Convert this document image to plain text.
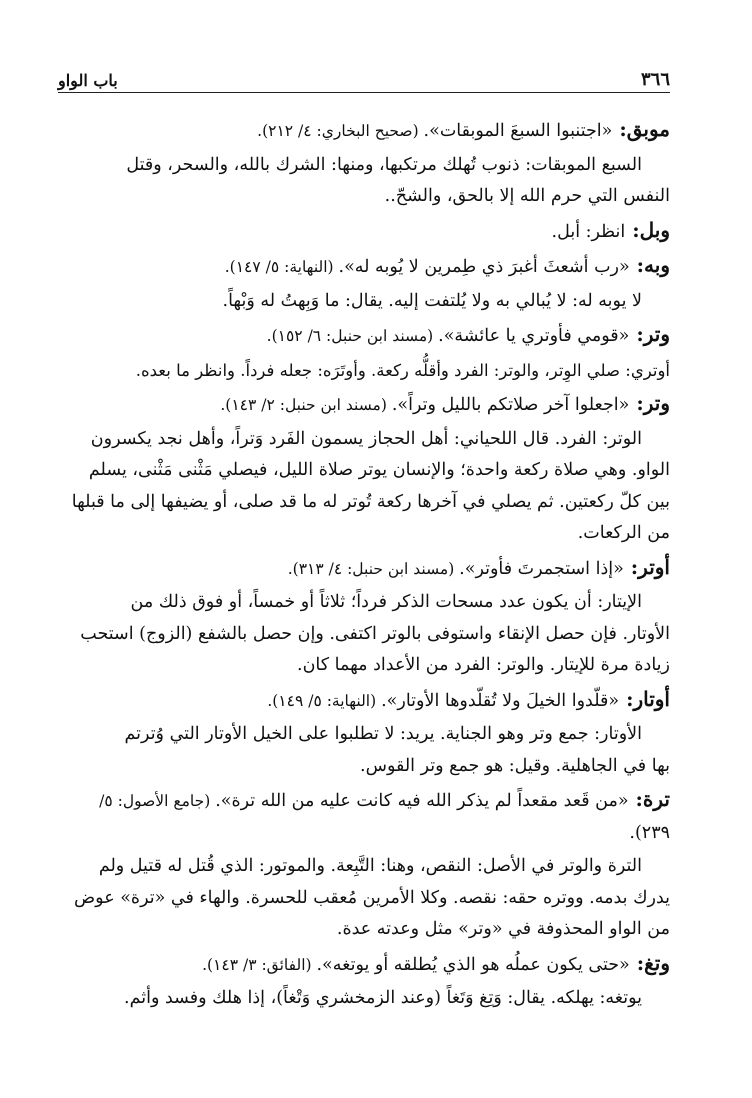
باب الواو	٣٦٦
موبق: «اجتنبوا السبعَ الموبقات». (صحيح البخاري: ٤/ ٢١٢).
السبع الموبقات: ذنوب تُهلك مرتكبها، ومنها: الشرك بالله، والسحر، وقتل
النفس التي حرم الله إلا بالحق، والشحّ..
وبل: انظر: أبل.
وبه: «رب أشعثَ أغبرَ ذي طِمرين لا يُوبه له». (النهاية: ٥/ ١٤٧).
لا يوبه له: لا يُبالي به ولا يُلتفت إليه. يقال: ما وَبِهتُ له وَبْهاً.
وتر: «قومي فأوتري يا عائشة». (مسند ابن حنبل: ٦/ ١٥٢).
أوتري: صلي الوِتر، والوتر: الفرد وأقلُّه ركعة. وأوتَرَه: جعله فرداً. وانظر ما بعده.
وتر: «اجعلوا آخر صلاتكم بالليل وتراً». (مسند ابن حنبل: ٢/ ١٤٣).
الوتر: الفرد. قال اللحياني: أهل الحجاز يسمون الفَرد وَتراً، وأهل نجد يكسرون
الواو. وهي صلاة ركعة واحدة؛ والإنسان يوتر صلاة الليل، فيصلي مَثْنى مَثْنى، يسلم
بين كلّ ركعتين. ثم يصلي في آخرها ركعة تُوتر له ما قد صلى، أو يضيفها إلى ما قبلها
من الركعات.
أوتر: «إذا استجمرتَ فأوتر». (مسند ابن حنبل: ٤/ ٣١٣).
الإيتار: أن يكون عدد مسحات الذكر فرداً؛ ثلاثاً أو خمساً، أو فوق ذلك من
الأوتار. فإن حصل الإنقاء واستوفى بالوتر اكتفى. وإن حصل بالشفع (الزوج) استحب
زيادة مرة للإيتار. والوتر: الفرد من الأعداد مهما كان.
أوتار: «قلّدوا الخيلَ ولا تُقلّدوها الأوتار». (النهاية: ٥/ ١٤٩).
الأوتار: جمع وتر وهو الجناية. يريد: لا تطلبوا على الخيل الأوتار التي وُترتم
بها في الجاهلية. وقيل: هو جمع وتر القوس.
ترة: «من قَعد مقعداً لم يذكر الله فيه كانت عليه من الله ترة». (جامع الأصول: ٥/
٢٣٩).
الترة والوتر في الأصل: النقص، وهنا: التَّبِعة. والموتور: الذي قُتل له قتيل ولم
يدرك بدمه. ووتره حقه: نقصه. وكلا الأمرين مُعقب للحسرة. والهاء في «ترة» عوض
من الواو المحذوفة في «وتر» مثل وعدته عدة.
وتغ: «حتى يكون عملُه هو الذي يُطلقه أو يوتغه». (الفائق: ٣/ ١٤٣).
يوتغه: يهلكه. يقال: وَتِغ وَتَغاً (وعند الزمخشري وَتْغاً)، إذا هلك وفسد وأثم.
